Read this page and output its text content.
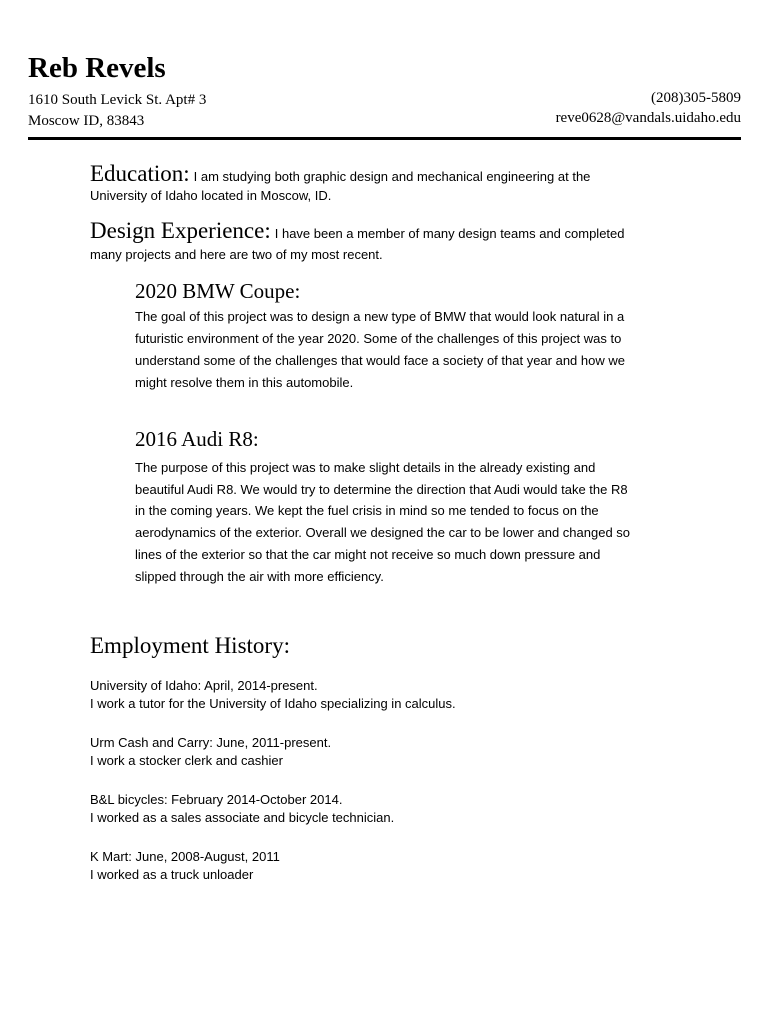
Reb Revels
1610 South Levick St. Apt# 3
Moscow ID, 83843
(208)305-5809
reve0628@vandals.uidaho.edu
Education: I am studying both graphic design and mechanical engineering at the
University of Idaho located in Moscow, ID.
Design Experience: I have been a member of many design teams and completed
many projects and here are two of my most recent.
2020 BMW Coupe:
The goal of this project was to design a new type of BMW that would look natural in a
futuristic environment of the year 2020. Some of the challenges of this project was to
understand some of the challenges that would face a society of that year and how we
might resolve them in this automobile.
2016 Audi R8:
The purpose of this project was to make slight details in the already existing and
beautiful Audi R8. We would try to determine the direction that Audi would take the R8
in the coming years. We kept the fuel crisis in mind so me tended to focus on the
aerodynamics of the exterior. Overall we designed the car to be lower and changed so
lines of the exterior so that the car might not receive so much down pressure and
slipped through the air with more efficiency.
Employment History:
University of Idaho: April, 2014-present.
I work a tutor for the University of Idaho specializing in calculus.
Urm Cash and Carry: June, 2011-present.
I work a stocker clerk and cashier
B&L bicycles: February 2014-October 2014.
I worked as a sales associate and bicycle technician.
K Mart: June, 2008-August, 2011
I worked as a truck unloader
